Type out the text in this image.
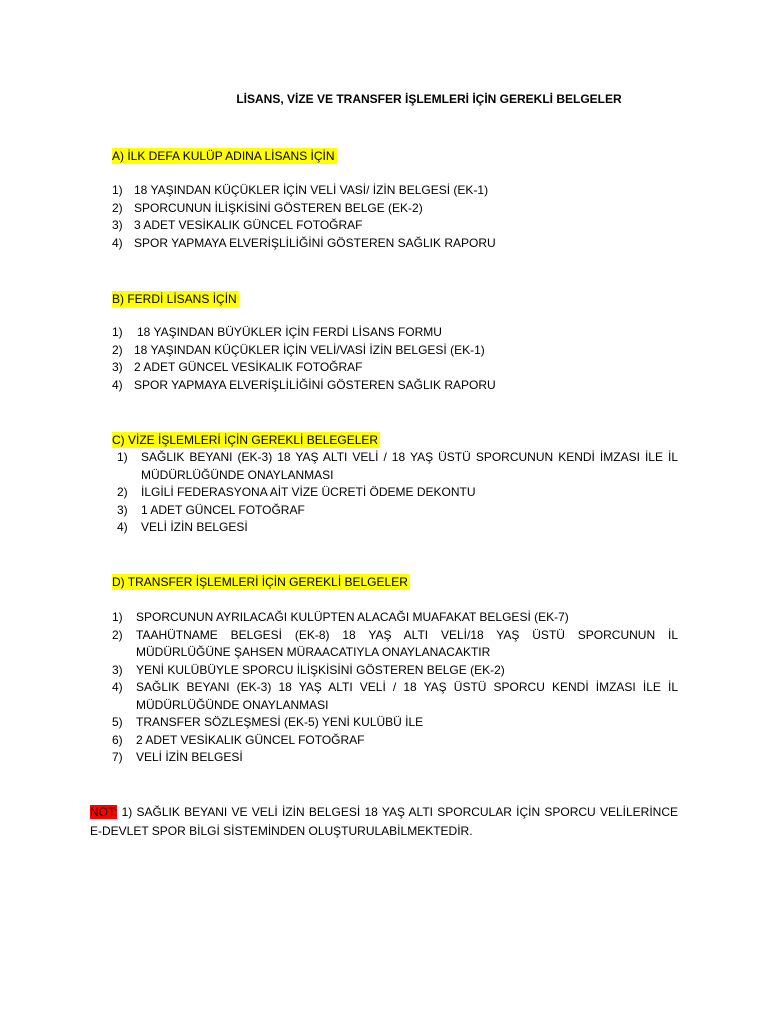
LİSANS, VİZE VE TRANSFER İŞLEMLERİ İÇİN GEREKLİ BELGELER
A) İLK DEFA KULÜP ADINA LİSANS İÇİN
1) 18 YAŞINDAN KÜÇÜKLER İÇİN VELİ VASİ/ İZİN BELGESİ (EK-1)
2) SPORCUNUN İLİŞKİSİNİ GÖSTEREN BELGE (EK-2)
3) 3 ADET VESİKALIK GÜNCEL FOTOĞRAF
4) SPOR YAPMAYA ELVERİŞLİLİĞİNİ GÖSTEREN SAĞLIK RAPORU
B) FERDİ LİSANS İÇİN
1)	18 YAŞINDAN BÜYÜKLER İÇİN FERDİ LİSANS FORMU
2) 18 YAŞINDAN KÜÇÜKLER İÇİN VELİ/VASİ İZİN BELGESİ (EK-1)
3) 2 ADET GÜNCEL VESİKALIK FOTOĞRAF
4) SPOR YAPMAYA ELVERİŞLİLİĞİNİ GÖSTEREN SAĞLIK RAPORU
C) VİZE İŞLEMLERİ İÇİN GEREKLİ BELEGELER
1)	SAĞLIK BEYANI (EK-3) 18 YAŞ ALTI VELİ / 18 YAŞ ÜSTÜ SPORCUNUN KENDİ İMZASI İLE İL MÜDÜRLÜĞÜNDE ONAYLANMASI
2)	İLGİLİ FEDERASYONA AİT VİZE ÜCRETİ ÖDEME DEKONTU
3)	1 ADET GÜNCEL FOTOĞRAF
4)	VELİ İZİN BELGESİ
D) TRANSFER İŞLEMLERİ İÇİN GEREKLİ BELGELER
1)	SPORCUNUN AYRILACAĞI KULÜPTEN ALACAĞI MUAFAKAT BELGESİ (EK-7)
2)	TAAHÜTNAME BELGESİ (EK-8) 18 YAŞ ALTI VELİ/18 YAŞ ÜSTÜ SPORCUNUN İL MÜDÜRLÜĞÜNE ŞAHSEN MÜRAACATIYLA ONAYLANACAKTIR
3)	YENİ KULÜBÜYLE SPORCU İLİŞKİSİNİ GÖSTEREN BELGE (EK-2)
4)	SAĞLIK BEYANI (EK-3) 18 YAŞ ALTI VELİ / 18 YAŞ ÜSTÜ SPORCU KENDİ İMZASI İLE İL MÜDÜRLÜĞÜNDE ONAYLANMASI
5)	TRANSFER SÖZLEŞMESİ (EK-5) YENİ KULÜBÜ İLE
6)	2 ADET VESİKALIK GÜNCEL FOTOĞRAF
7)	VELİ İZİN BELGESİ
NOT: 1) SAĞLIK BEYANI VE VELİ İZİN BELGESİ 18 YAŞ ALTI SPORCULAR İÇİN SPORCU VELİLERİNCE E-DEVLET SPOR BİLGİ SİSTEMİNDEN OLUŞTURULABİLMEKTEDİR.
